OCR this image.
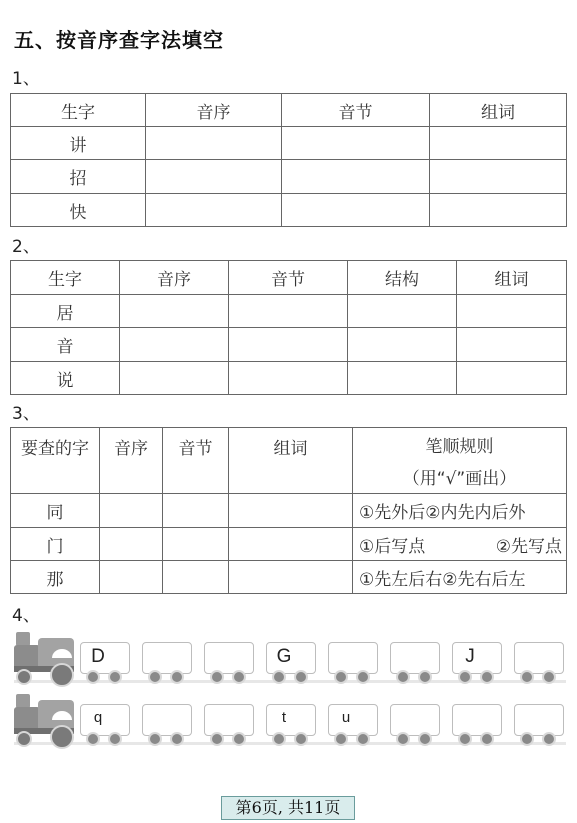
五、按音序查字法填空
1、
生字	音序	音节	组词
讲			
招			
快			
2、
生字	音序	音节	结构	组词
居				
音				
说				
3、
要查的字	音序	音节	组词	笔顺规则
				（用“√”画出）
同				①先外后②内先内后外
门				①后写点 ②先写点

那				①先左后右②先右后左
4、
D	G	J
q	t	u
第6页, 共11页
